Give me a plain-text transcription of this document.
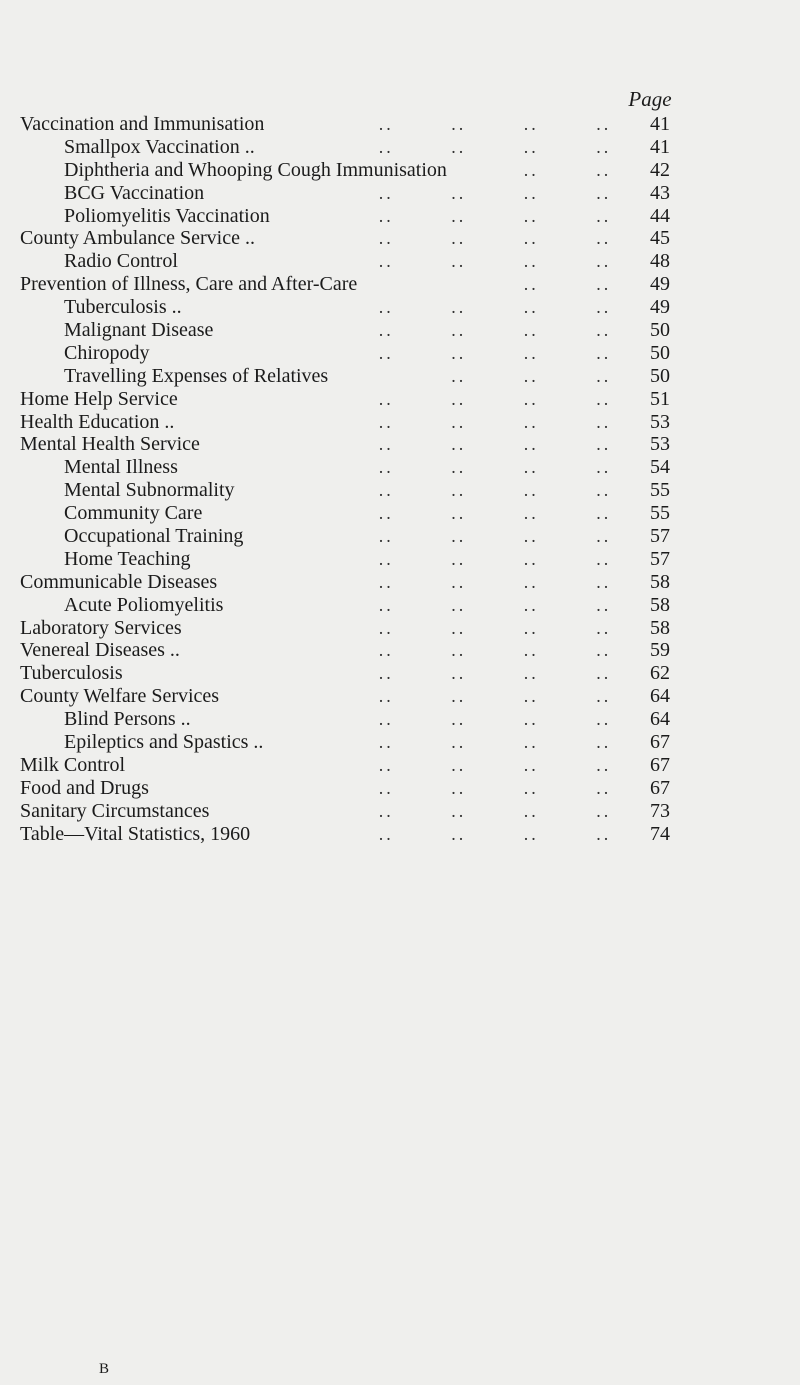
Page
Vaccination and Immunisation	..	..	..	..	41
Smallpox Vaccination ..	..	..	..	..	41
Diphtheria and Whooping Cough Immunisation	..	..	42
BCG Vaccination	..	..	..	..	43
Poliomyelitis Vaccination	..	..	..	..	44
County Ambulance Service ..	..	..	..	..	45
Radio Control	..	..	..	..	48
Prevention of Illness, Care and After-Care	..	..	49
Tuberculosis ..	..	..	..	..	49
Malignant Disease	..	..	..	..	50
Chiropody	..	..	..	..	50
Travelling Expenses of Relatives	..	..	..	50
Home Help Service	..	..	..	..	51
Health Education ..	..	..	..	..	53
Mental Health Service	..	..	..	..	53
Mental Illness	..	..	..	..	54
Mental Subnormality	..	..	..	..	55
Community Care	..	..	..	..	55
Occupational Training	..	..	..	..	57
Home Teaching	..	..	..	..	57
Communicable Diseases	..	..	..	..	58
Acute Poliomyelitis	..	..	..	..	58
Laboratory Services	..	..	..	..	58
Venereal Diseases ..	..	..	..	..	59
Tuberculosis	..	..	..	..	62
County Welfare Services	..	..	..	..	64
Blind Persons ..	..	..	..	..	64
Epileptics and Spastics ..	..	..	..	..	67
Milk Control	..	..	..	..	67
Food and Drugs	..	..	..	..	67
Sanitary Circumstances	..	..	..	..	73
Table—Vital Statistics, 1960	..	..	..	..	74
B
